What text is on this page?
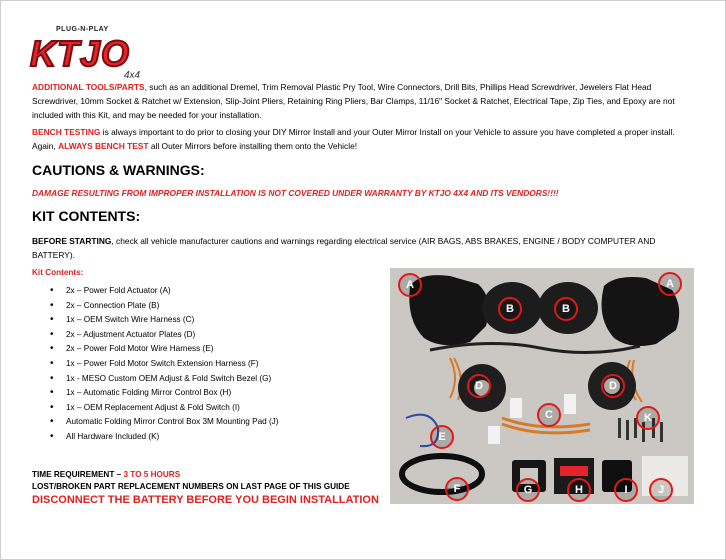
PLUG-N-PLAY
KTJO
4x4
ADDITIONAL TOOLS/PARTS, such as an additional Dremel, Trim Removal Plastic Pry Tool, Wire Connectors, Drill Bits, Phillips Head Screwdriver, Jewelers Flat Head Screwdriver, 10mm Socket & Ratchet w/ Extension, Slip-Joint Pliers, Retaining Ring Pliers, Bar Clamps, 11/16" Socket & Ratchet, Electrical Tape, Zip Ties, and Epoxy are not included with this Kit, and may be needed for your installation.
BENCH TESTING is always important to do prior to closing your DIY Mirror Install and your Outer Mirror Install on your Vehicle to assure you have completed a proper install. Again, ALWAYS BENCH TEST all Outer Mirrors before installing them onto the Vehicle!
CAUTIONS & WARNINGS:
DAMAGE RESULTING FROM IMPROPER INSTALLATION IS NOT COVERED UNDER WARRANTY BY KTJO 4X4 AND ITS VENDORS!!!!
KIT CONTENTS:
BEFORE STARTING, check all vehicle manufacturer cautions and warnings regarding electrical service (AIR BAGS, ABS BRAKES, ENGINE / BODY COMPUTER AND BATTERY).
Kit Contents:
• 2x – Power Fold Actuator (A)
• 2x – Connection Plate (B)
• 1x – OEM Switch Wire Harness (C)
• 2x – Adjustment Actuator Plates (D)
• 2x – Power Fold Motor Wire Harness (E)
• 1x – Power Fold Motor Switch Extension Harness (F)
• 1x - MESO Custom OEM Adjust & Fold Switch Bezel (G)
• 1x – Automatic Folding Mirror Control Box (H)
• 1x – OEM Replacement Adjust & Fold Switch (I)
• Automatic Folding Mirror Control Box 3M Mounting Pad (J)
• All Hardware Included (K)
TIME REQUIREMENT – 3 TO 5 HOURS
LOST/BROKEN PART REPLACEMENT NUMBERS ON LAST PAGE OF THIS GUIDE
DISCONNECT THE BATTERY BEFORE YOU BEGIN INSTALLATION
A	A
B	B
D	D
C	K
E
F	G	H	I	J
